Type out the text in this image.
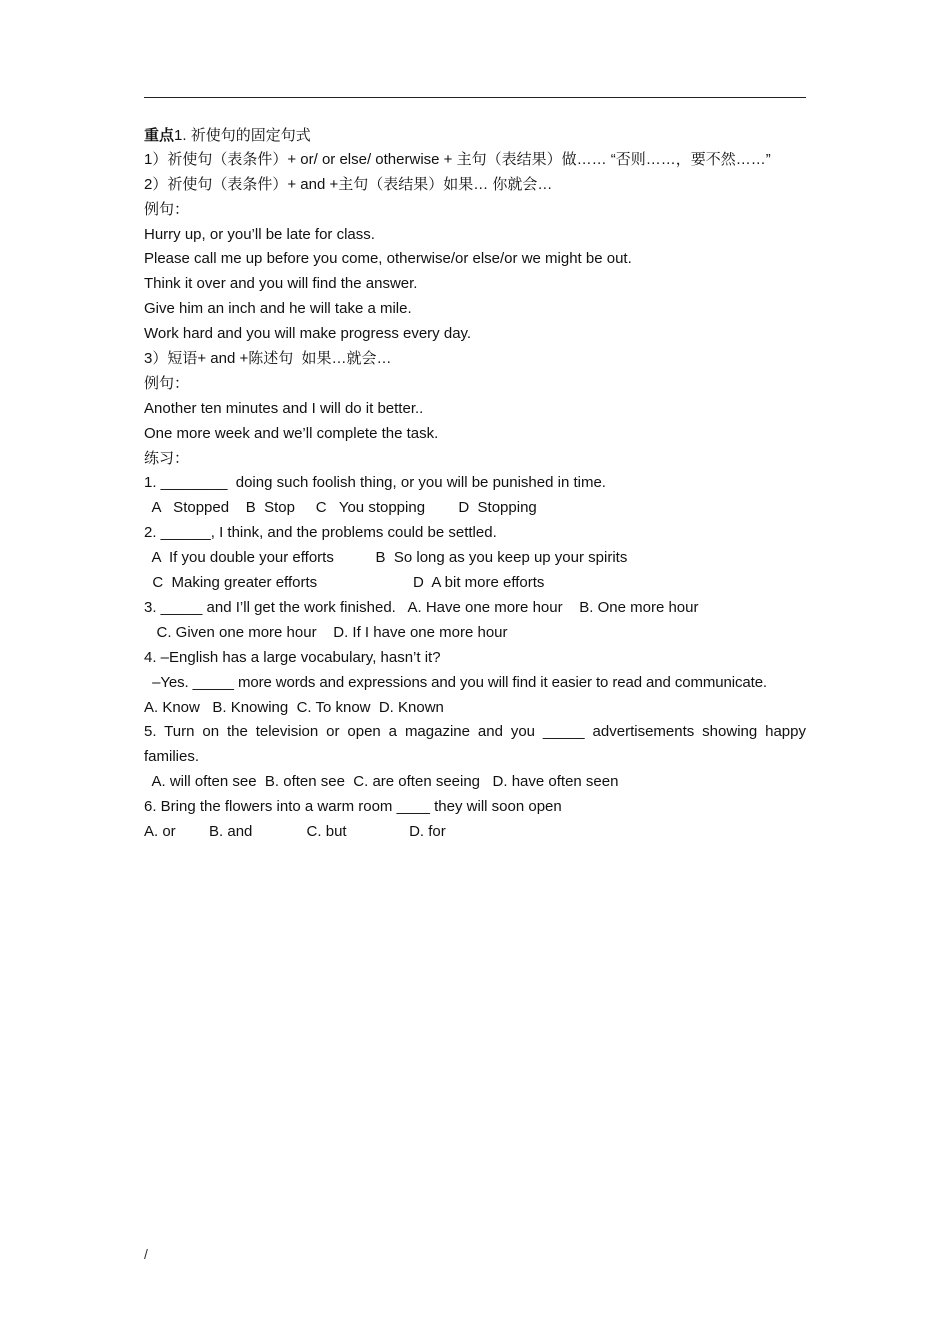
重点1. 祈使句的固定句式
1）祈使句（表条件）+ or/ or else/ otherwise + 主句（表结果）做…… “否则……，要不然……”
2）祈使句（表条件）+ and +主句（表结果）如果… 你就会…
例句：
Hurry up, or you’ll be late for class.
Please call me up before you come, otherwise/or else/or we might be out.
Think it over and you will find the answer.
Give him an inch and he will take a mile.
Work hard and you will make progress every day.
3）短语+ and +陈述句  如果…就会…
例句：
Another ten minutes and I will do it better..
One more week and we’ll complete the task.
练习：
1. ________  doing such foolish thing, or you will be punished in time.
A   Stopped    B  Stop     C   You stopping        D  Stopping
2. ______, I think, and the problems could be settled.
A  If you double your efforts          B  So long as you keep up your spirits
C  Making greater efforts                       D  A bit more efforts
3. _____ and I’ll get the work finished.   A. Have one more hour    B. One more hour
C. Given one more hour    D. If I have one more hour
4. –English has a large vocabulary, hasn’t it?
–Yes. _____ more words and expressions and you will find it easier to read and communicate.
A. Know   B. Knowing  C. To know  D. Known
5. Turn on the television or open a magazine and you _____ advertisements showing happy
families.
A. will often see  B. often see  C. are often seeing   D. have often seen
6. Bring the flowers into a warm room ____ they will soon open
A. or        B. and             C. but               D. for
/
